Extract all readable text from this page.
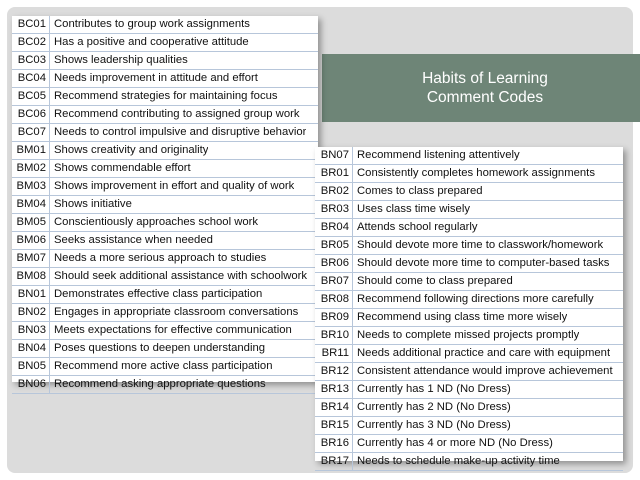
Habits of Learning
Comment Codes
BC01 Contributes to group work assignments
BC02 Has a positive and cooperative attitude
BC03 Shows leadership qualities
BC04 Needs improvement in attitude and effort
BC05 Recommend strategies for maintaining focus
BC06 Recommend contributing to assigned group work
BC07 Needs to control impulsive and disruptive behavior
BM01 Shows creativity and originality
BM02 Shows commendable effort
BM03 Shows improvement in effort and quality of work
BM04 Shows initiative
BM05 Conscientiously approaches school work
BM06 Seeks assistance when needed
BM07 Needs a more serious approach to studies
BM08 Should seek additional assistance with schoolwork
BN01 Demonstrates effective class participation
BN02 Engages in appropriate classroom conversations
BN03 Meets expectations for effective communication
BN04 Poses questions to deepen understanding
BN05 Recommend more active class participation
BN06 Recommend asking appropriate questions
BN07 Recommend listening attentively
BR01 Consistently completes homework assignments
BR02 Comes to class prepared
BR03 Uses class time wisely
BR04 Attends school regularly
BR05 Should devote more time to classwork/homework
BR06 Should devote more time to computer-based tasks
BR07 Should come to class prepared
BR08 Recommend following directions more carefully
BR09 Recommend using class time more wisely
BR10 Needs to complete missed projects promptly
BR11 Needs additional practice and care with equipment
BR12 Consistent attendance would improve achievement
BR13 Currently has 1 ND (No Dress)
BR14 Currently has 2 ND (No Dress)
BR15 Currently has 3 ND (No Dress)
BR16 Currently has 4 or more ND (No Dress)
BR17 Needs to schedule make-up activity time
